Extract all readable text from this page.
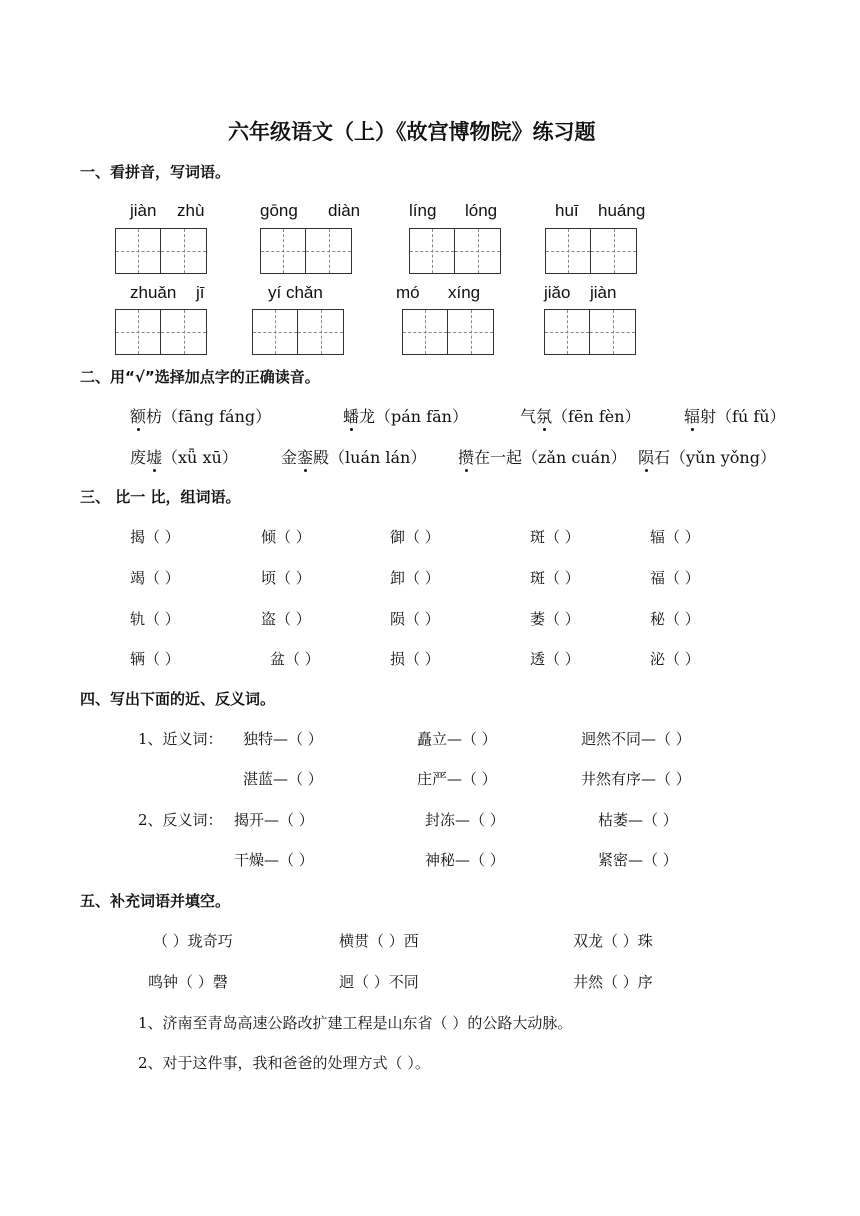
六年级语文（上）《故宫博物院》练习题
一、看拼音，写词语。
jiàn zhù	gōng diàn	líng lóng	huī huáng
zhuǎn jī	yí chǎn	mó xíng	jiǎo jiàn
二、用“√”选择加点字的正确读音。
额枋（fāng fáng）	蟠龙（pán fān）	气氛（fēn fèn）	辐射（fú fǔ）
废墟（xǖ xū）	金銮殿（luán lán） 攒在一起（zǎn cuán） 陨石（yǔn yǒng）
三、 比一 比，组词语。
揭（ ）	倾（ ）	御（ ）	斑（ ）	辐（ ）
竭（ ）	顷（ ）	卸（ ）	斑（ ）	福（ ）
轨（ ）	盗（ ）	陨（ ）	萎（ ）	秘（ ）
辆（ ）	盆（ ）	损（ ）	透（ ）	泌（ ）
四、写出下面的近、反义词。
1、近义词： 独特—（ ）	矗立—（ ）	迥然不同—（ ）
湛蓝—（ ）	庄严—（ ）	井然有序—（ ）
2、反义词： 揭开—（ ）	封冻—（ ）	枯萎—（ ）
干燥—（ ）	神秘—（ ）	紧密—（ ）
五、补充词语并填空。
（ ）珑奇巧	横贯（ ）西	双龙（ ）珠
鸣钟（ ）磬	迥（ ）不同	井然（ ）序
1、济南至青岛高速公路改扩建工程是山东省（ ）的公路大动脉。
2、对于这件事，我和爸爸的处理方式（ ）。
